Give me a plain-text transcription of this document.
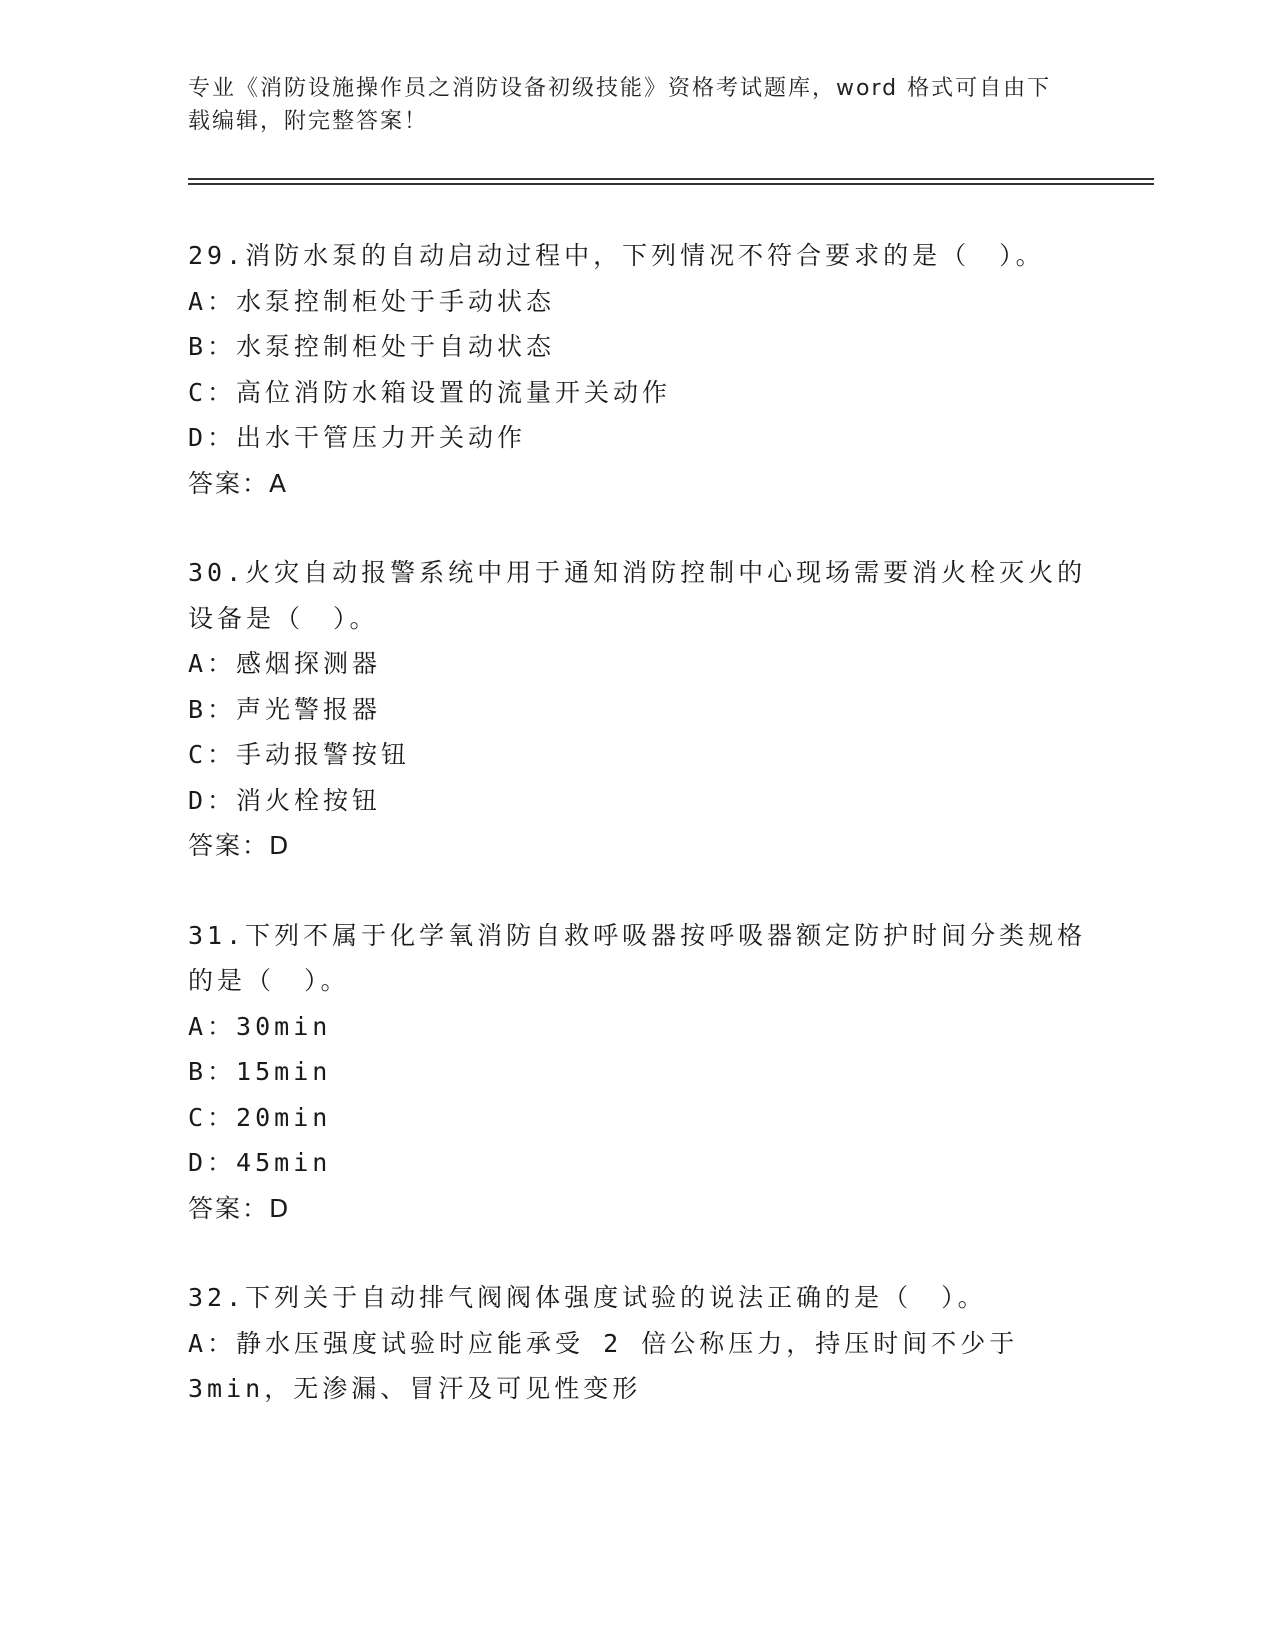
专业《消防设施操作员之消防设备初级技能》资格考试题库，word 格式可自由下
载编辑，附完整答案！
29.消防水泵的自动启动过程中，下列情况不符合要求的是（　）。
A：水泵控制柜处于手动状态
B：水泵控制柜处于自动状态
C：高位消防水箱设置的流量开关动作
D：出水干管压力开关动作
答案：A
30.火灾自动报警系统中用于通知消防控制中心现场需要消火栓灭火的设备是（　）。
A：感烟探测器
B：声光警报器
C：手动报警按钮
D：消火栓按钮
答案：D
31.下列不属于化学氧消防自救呼吸器按呼吸器额定防护时间分类规格的是（　）。
A：30min
B：15min
C：20min
D：45min
答案：D
32.下列关于自动排气阀阀体强度试验的说法正确的是（　）。
A：静水压强度试验时应能承受 2 倍公称压力，持压时间不少于 3min，无渗漏、冒汗及可见性变形
